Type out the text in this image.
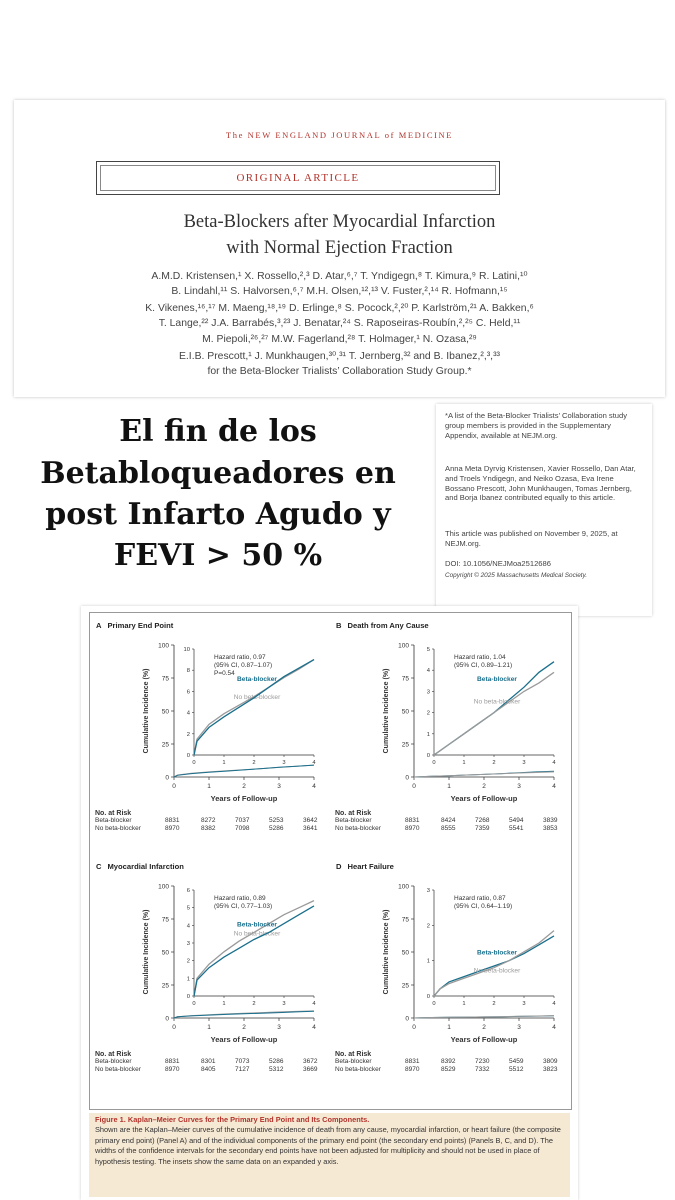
The NEW ENGLAND JOURNAL of MEDICINE
ORIGINAL ARTICLE
Beta-Blockers after Myocardial Infarction
with Normal Ejection Fraction
A.M.D. Kristensen,¹ X. Rossello,²,³ D. Atar,⁶,⁷ T. Yndigegn,⁸ T. Kimura,⁹ R. Latini,¹⁰
B. Lindahl,¹¹ S. Halvorsen,⁶,⁷ M.H. Olsen,¹²,¹³ V. Fuster,²,¹⁴ R. Hofmann,¹⁵
K. Vikenes,¹⁶,¹⁷ M. Maeng,¹⁸,¹⁹ D. Erlinge,⁸ S. Pocock,²,²⁰ P. Karlström,²¹ A. Bakken,⁶
T. Lange,²² J.A. Barrabés,³,²³ J. Benatar,²⁴ S. Raposeiras-Roubín,²,²⁵ C. Held,¹¹
M. Piepoli,²⁶,²⁷ M.W. Fagerland,²⁸ T. Holmager,¹ N. Ozasa,²⁹
E.I.B. Prescott,¹ J. Munkhaugen,³⁰,³¹ T. Jernberg,³² and B. Ibanez,²,³,³³
for the Beta-Blocker Trialists’ Collaboration Study Group.*
*A list of the Beta-Blocker Trialists’ Collaboration study group members is provided in the Supplementary Appendix, available at NEJM.org.
Anna Meta Dyrvig Kristensen, Xavier Rossello, Dan Atar, and Troels Yndigegn, and Neiko Ozasa, Eva Irene Bossano Prescott, John Munkhaugen, Tomas Jernberg, and Borja Ibanez contributed equally to this article.
This article was published on November 9, 2025, at NEJM.org.
DOI: 10.1056/NEJMoa2512686
Copyright © 2025 Massachusetts Medical Society.
El fin de los
Betabloqueadores en
post Infarto Agudo y
FEVI > 50 %
A Primary End Point
0
25
50
75
100
0	1	2	3	4
Cumulative Incidence (%)
Years of Follow-up
0
2
4
6
8
10
0	1	2	3	4
No beta-blocker
Beta-blocker
Hazard ratio, 0.97
(95% CI, 0.87–1.07)
P=0.54
No. at Risk
Beta-blocker	8831	8272	7037	5253	3642
No beta-blocker	8970	8382	7098	5286	3641
B Death from Any Cause
0
25
50
75
100
0	1	2	3	4
Cumulative Incidence (%)
Years of Follow-up
0
1
2
3
4
5
0	1	2	3	4
Beta-blocker
No beta-blocker
Hazard ratio, 1.04
(95% CI, 0.89–1.21)
No. at Risk
Beta-blocker	8831	8424	7268	5494	3839
No beta-blocker	8970	8555	7359	5541	3853
C Myocardial Infarction
0
25
50
75
100
0	1	2	3	4
Cumulative Incidence (%)
Years of Follow-up
0
1
2
3
4
5
6
0	1	2	3	4
No beta-blocker
Beta-blocker
Hazard ratio, 0.89
(95% CI, 0.77–1.03)
No. at Risk
Beta-blocker	8831	8301	7073	5286	3672
No beta-blocker	8970	8405	7127	5312	3669
D Heart Failure
0
25
50
75
100
0	1	2	3	4
Cumulative Incidence (%)
Years of Follow-up
0
1
2
3
0	1	2	3	4
Beta-blocker
No beta-blocker
Hazard ratio, 0.87
(95% CI, 0.64–1.19)
No. at Risk
Beta-blocker	8831	8392	7230	5459	3809
No beta-blocker	8970	8529	7332	5512	3823
Figure 1. Kaplan–Meier Curves for the Primary End Point and Its Components.
Shown are the Kaplan–Meier curves of the cumulative incidence of death from any cause, myocardial infarction, or heart failure (the composite primary end point) (Panel A) and of the individual components of the primary end point (the secondary end points) (Panels B, C, and D). The widths of the confidence intervals for the secondary end points have not been adjusted for multiplicity and should not be used in place of hypothesis testing. The insets show the same data on an expanded y axis.
